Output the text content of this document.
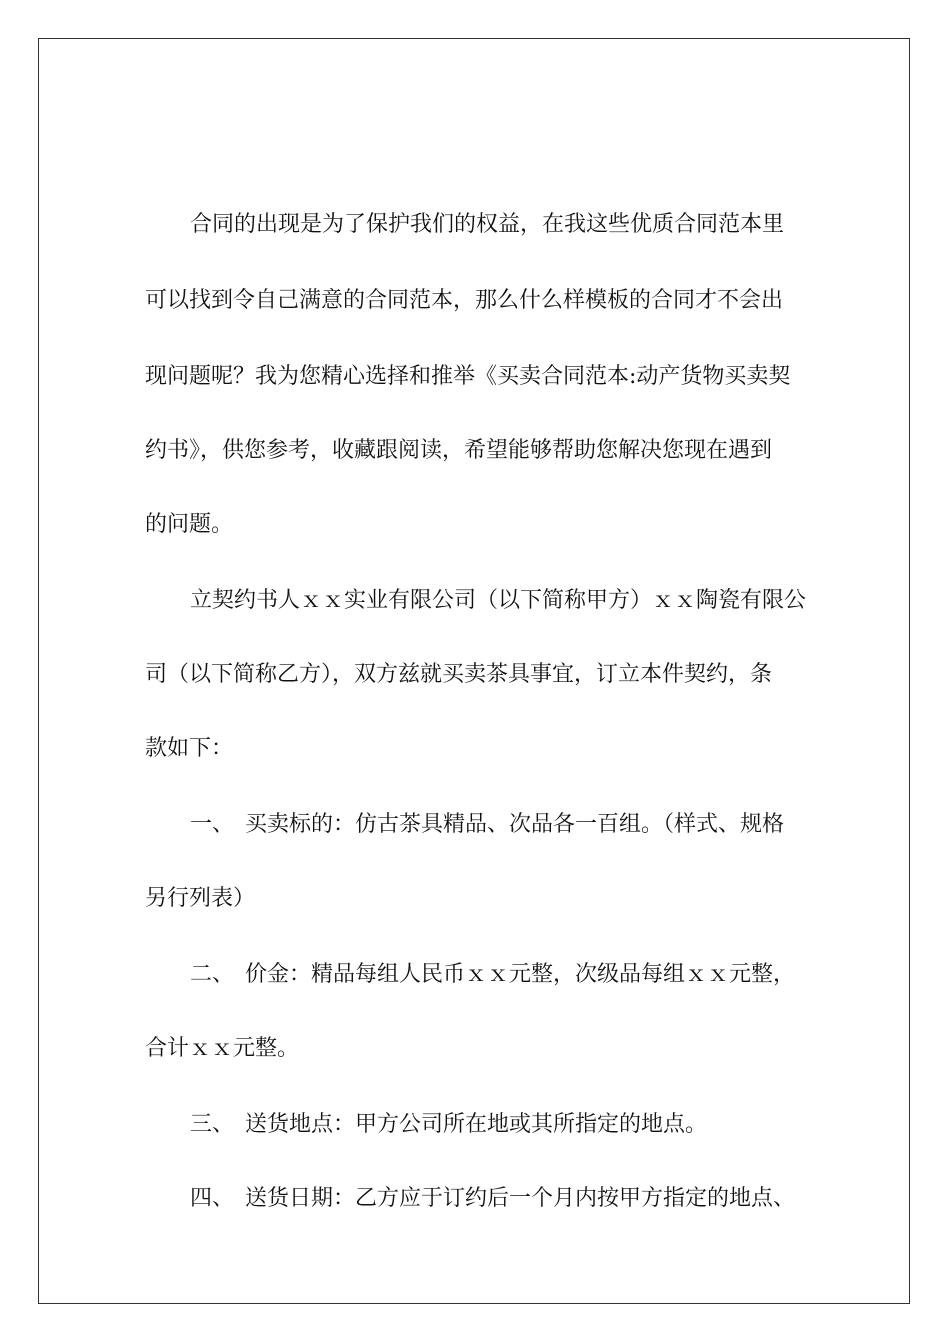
合同的出现是为了保护我们的权益，在我这些优质合同范本里
可以找到令自己满意的合同范本，那么什么样模板的合同才不会出
现问题呢？我为您精心选择和推举《买卖合同范本:动产货物买卖契
约书》，供您参考，收藏跟阅读，希望能够帮助您解决您现在遇到
的问题。
立契约书人ｘｘ实业有限公司（以下简称甲方）ｘｘ陶瓷有限公
司（以下简称乙方），双方兹就买卖茶具事宜，订立本件契约，条
款如下：
一、　买卖标的：仿古茶具精品、次品各一百组。（样式、规格
另行列表）
二、　价金：精品每组人民币ｘｘ元整，次级品每组ｘｘ元整，
合计ｘｘ元整。
三、　送货地点：甲方公司所在地或其所指定的地点。
四、　送货日期：乙方应于订约后一个月内按甲方指定的地点、
